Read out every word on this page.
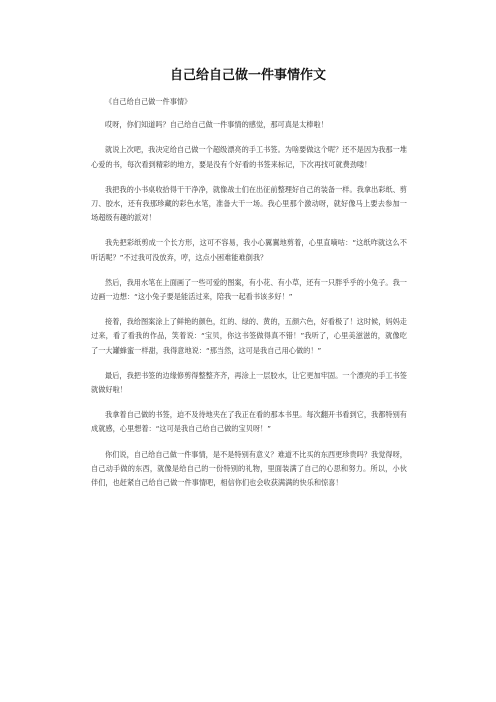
自己给自己做一件事情作文

《自己给自己做一件事情》

哎呀，你们知道吗？自己给自己做一件事情的感觉，那可真是太棒啦！

就说上次吧，我决定给自己做一个超级漂亮的手工书签。为啥要做这个呢？还不是因为我那一堆心爱的书，每次看到精彩的地方，要是没有个好看的书签来标记，下次再找可就费劲喽！

我把我的小书桌收拾得干干净净，就像战士们在出征前整理好自己的装备一样。我拿出彩纸、剪刀、胶水，还有我那珍藏的彩色水笔，准备大干一场。我心里那个激动呀，就好像马上要去参加一场超级有趣的派对！

我先把彩纸剪成一个长方形，这可不容易，我小心翼翼地剪着，心里直嘀咕：“这纸咋就这么不听话呢？”不过我可没放弃，哼，这点小困难能难倒我？

然后，我用水笔在上面画了一些可爱的图案，有小花、有小草，还有一只胖乎乎的小兔子。我一边画一边想：“这小兔子要是能活过来，陪我一起看书该多好！”

接着，我给图案涂上了鲜艳的颜色，红的、绿的、黄的，五颜六色，好看极了！这时候，妈妈走过来，看了看我的作品，笑着说：“宝贝，你这书签做得真不错！”我听了，心里美滋滋的，就像吃了一大罐蜂蜜一样甜，我得意地说：“那当然，这可是我自己用心做的！”

最后，我把书签的边缘修剪得整整齐齐，再涂上一层胶水，让它更加牢固。一个漂亮的手工书签就做好啦！

我拿着自己做的书签，迫不及待地夹在了我正在看的那本书里。每次翻开书看到它，我都特别有成就感，心里想着：“这可是我自己给自己做的宝贝呀！”

你们说，自己给自己做一件事情，是不是特别有意义？难道不比买的东西更珍贵吗？我觉得呀，自己动手做的东西，就像是给自己的一份特别的礼物，里面装满了自己的心思和努力。所以，小伙伴们，也赶紧自己给自己做一件事情吧，相信你们也会收获满满的快乐和惊喜！
